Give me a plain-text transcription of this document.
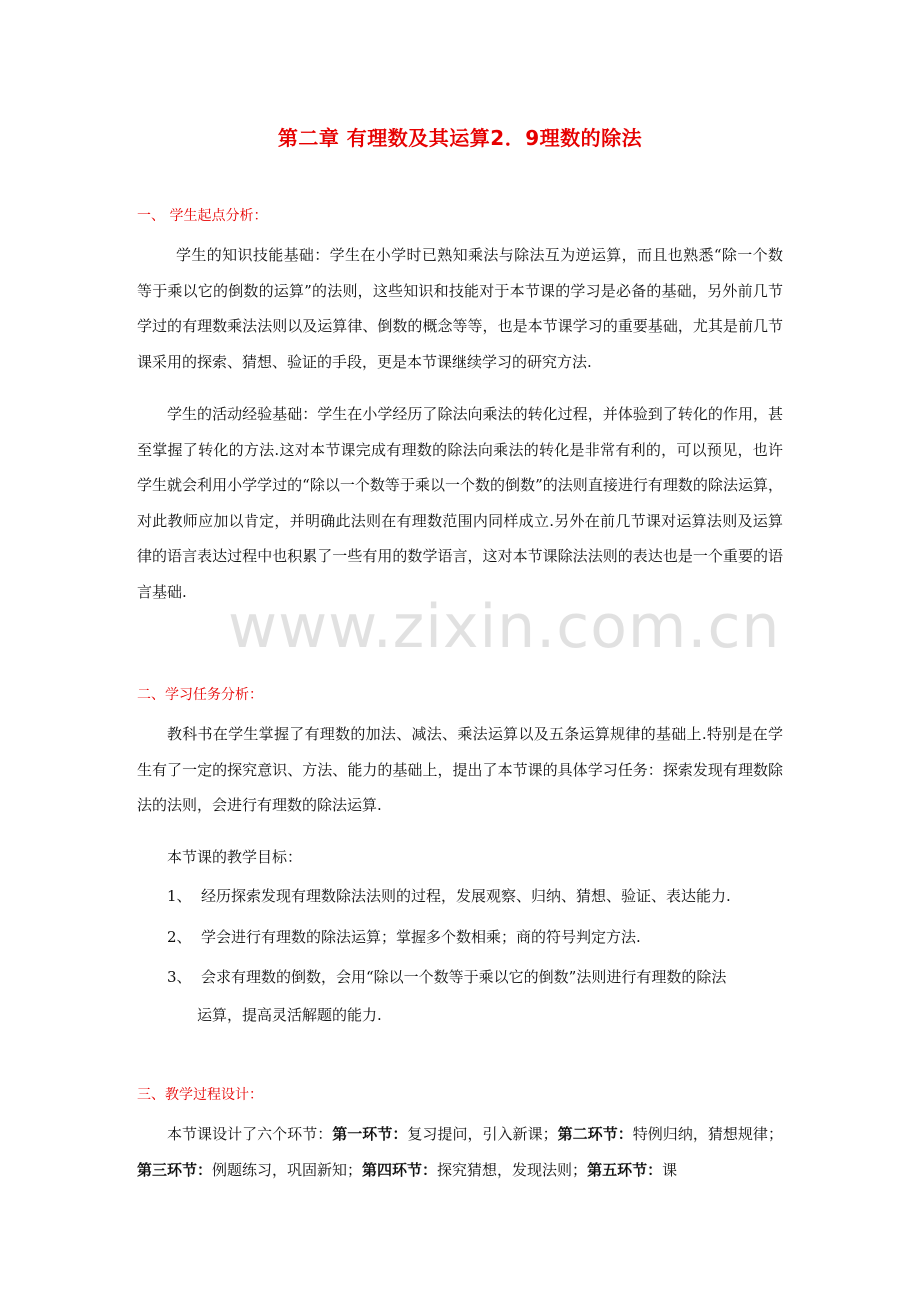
第二章 有理数及其运算2．9理数的除法
一、 学生起点分析：
学生的知识技能基础：学生在小学时已熟知乘法与除法互为逆运算，而且也熟悉“除一个数等于乘以它的倒数的运算”的法则，这些知识和技能对于本节课的学习是必备的基础，另外前几节学过的有理数乘法法则以及运算律、倒数的概念等等，也是本节课学习的重要基础，尤其是前几节课采用的探索、猜想、验证的手段，更是本节课继续学习的研究方法.
学生的活动经验基础：学生在小学经历了除法向乘法的转化过程，并体验到了转化的作用，甚至掌握了转化的方法.这对本节课完成有理数的除法向乘法的转化是非常有利的，可以预见，也许学生就会利用小学学过的“除以一个数等于乘以一个数的倒数”的法则直接进行有理数的除法运算，对此教师应加以肯定，并明确此法则在有理数范围内同样成立.另外在前几节课对运算法则及运算律的语言表达过程中也积累了一些有用的数学语言，这对本节课除法法则的表达也是一个重要的语言基础.
www.zixin.com.cn
二、学习任务分析：
教科书在学生掌握了有理数的加法、减法、乘法运算以及五条运算规律的基础上.特别是在学生有了一定的探究意识、方法、能力的基础上，提出了本节课的具体学习任务：探索发现有理数除法的法则，会进行有理数的除法运算.
本节课的教学目标：
1、 经历探索发现有理数除法法则的过程，发展观察、归纳、猜想、验证、表达能力.
2、 学会进行有理数的除法运算；掌握多个数相乘；商的符号判定方法.
3、 会求有理数的倒数，会用“除以一个数等于乘以它的倒数”法则进行有理数的除法
运算，提高灵活解题的能力.
三、教学过程设计：
本节课设计了六个环节：第一环节：复习提问，引入新课；第二环节：特例归纳，猜想规律；第三环节：例题练习，巩固新知；第四环节：探究猜想，发现法则；第五环节：课
